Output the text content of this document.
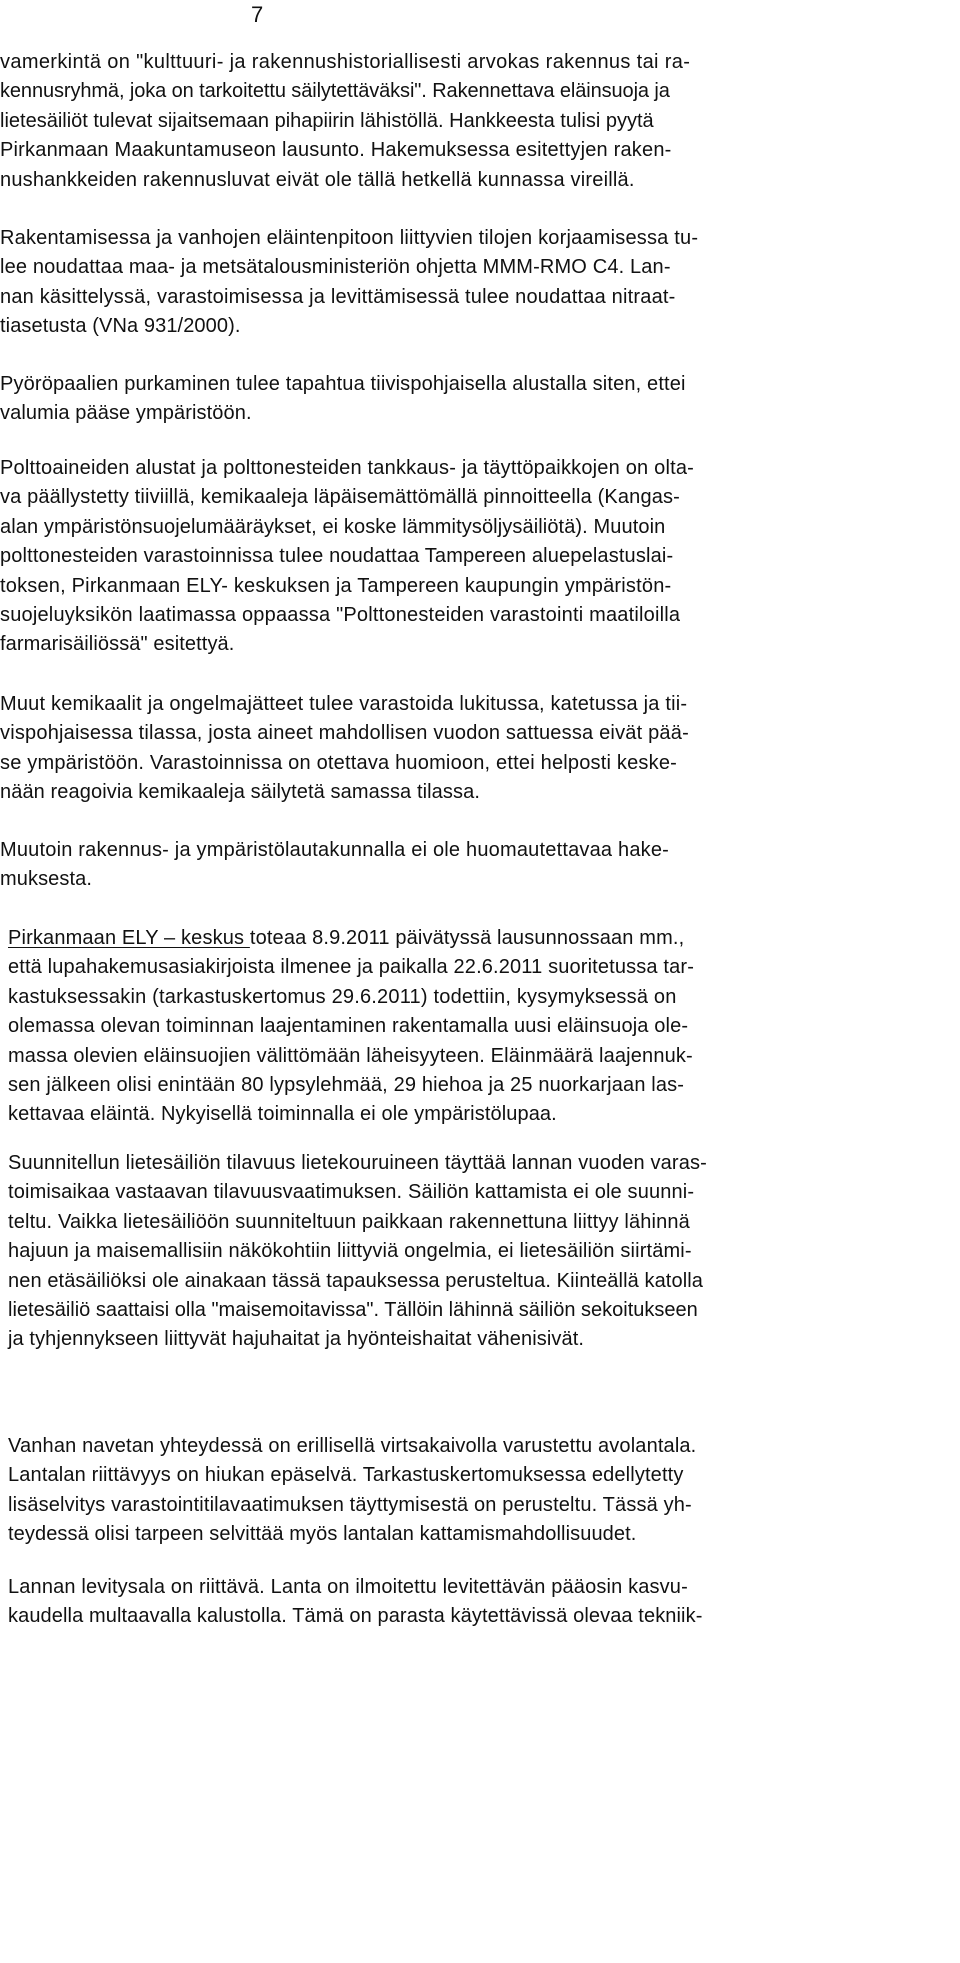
7
vamerkintä on "kulttuuri- ja rakennushistoriallisesti arvokas rakennus tai ra-
kennusryhmä, joka on tarkoitettu säilytettäväksi". Rakennettava eläinsuoja ja
lietesäiliöt tulevat sijaitsemaan pihapiirin lähistöllä. Hankkeesta tulisi pyytä
Pirkanmaan Maakuntamuseon lausunto. Hakemuksessa esitettyjen raken-
nushankkeiden rakennusluvat eivät ole tällä hetkellä kunnassa vireillä.
Rakentamisessa ja vanhojen eläintenpitoon liittyvien tilojen korjaamisessa tu-
lee noudattaa maa- ja metsätalousministeriön ohjetta MMM-RMO C4. Lan-
nan käsittelyssä, varastoimisessa ja levittämisessä tulee noudattaa nitraat-
tiasetusta (VNa 931/2000).
Pyöröpaalien purkaminen tulee tapahtua tiivispohjaisella alustalla siten, ettei
valumia pääse ympäristöön.
Polttoaineiden alustat ja polttonesteiden tankkaus- ja täyttöpaikkojen on olta-
va päällystetty tiiviillä, kemikaaleja läpäisemättömällä pinnoitteella (Kangas-
alan ympäristönsuojelumääräykset, ei koske lämmitysöljysäiliötä). Muutoin
polttonesteiden varastoinnissa tulee noudattaa Tampereen aluepelastuslai-
toksen, Pirkanmaan ELY- keskuksen ja Tampereen kaupungin ympäristön-
suojeluyksikön laatimassa oppaassa "Polttonesteiden varastointi maatiloilla
farmarisäiliössä" esitettyä.
Muut kemikaalit ja ongelmajätteet tulee varastoida lukitussa, katetussa ja tii-
vispohjaisessa tilassa, josta aineet mahdollisen vuodon sattuessa eivät pää-
se ympäristöön. Varastoinnissa on otettava huomioon, ettei helposti keske-
nään reagoivia kemikaaleja säilytetä samassa tilassa.
Muutoin rakennus- ja ympäristölautakunnalla ei ole huomautettavaa hake-
muksesta.
Pirkanmaan ELY – keskus toteaa 8.9.2011 päivätyssä lausunnossaan mm.,
että lupahakemusasiakirjoista ilmenee ja paikalla 22.6.2011 suoritetussa tar-
kastuksessakin (tarkastuskertomus 29.6.2011) todettiin, kysymyksessä on
olemassa olevan toiminnan laajentaminen rakentamalla uusi eläinsuoja ole-
massa olevien eläinsuojien välittömään läheisyyteen. Eläinmäärä laajennuk-
sen jälkeen olisi enintään 80 lypsylehmää, 29 hiehoa ja 25 nuorkarjaan las-
kettavaa eläintä. Nykyisellä toiminnalla ei ole ympäristölupaa.
Suunnitellun lietesäiliön tilavuus lietekouruineen täyttää lannan vuoden varas-
toimisaikaa vastaavan tilavuusvaatimuksen. Säiliön kattamista ei ole suunni-
teltu. Vaikka lietesäiliöön suunniteltuun paikkaan rakennettuna liittyy lähinnä
hajuun ja maisemallisiin näkökohtiin liittyviä ongelmia, ei lietesäiliön siirtämi-
nen etäsäiliöksi ole ainakaan tässä tapauksessa perusteltua. Kiinteällä katolla
lietesäiliö saattaisi olla "maisemoitavissa". Tällöin lähinnä säiliön sekoitukseen
ja tyhjennykseen liittyvät hajuhaitat ja hyönteishaitat vähenisivät.
Vanhan navetan yhteydessä on erillisellä virtsakaivolla varustettu avolantala.
Lantalan riittävyys on hiukan epäselvä. Tarkastuskertomuksessa edellytetty
lisäselvitys varastointitilavaatimuksen täyttymisestä on perusteltu. Tässä yh-
teydessä olisi tarpeen selvittää myös lantalan kattamismahdollisuudet.
Lannan levitysala on riittävä. Lanta on ilmoitettu levitettävän pääosin kasvu-
kaudella multaavalla kalustolla. Tämä on parasta käytettävissä olevaa tekniik-
